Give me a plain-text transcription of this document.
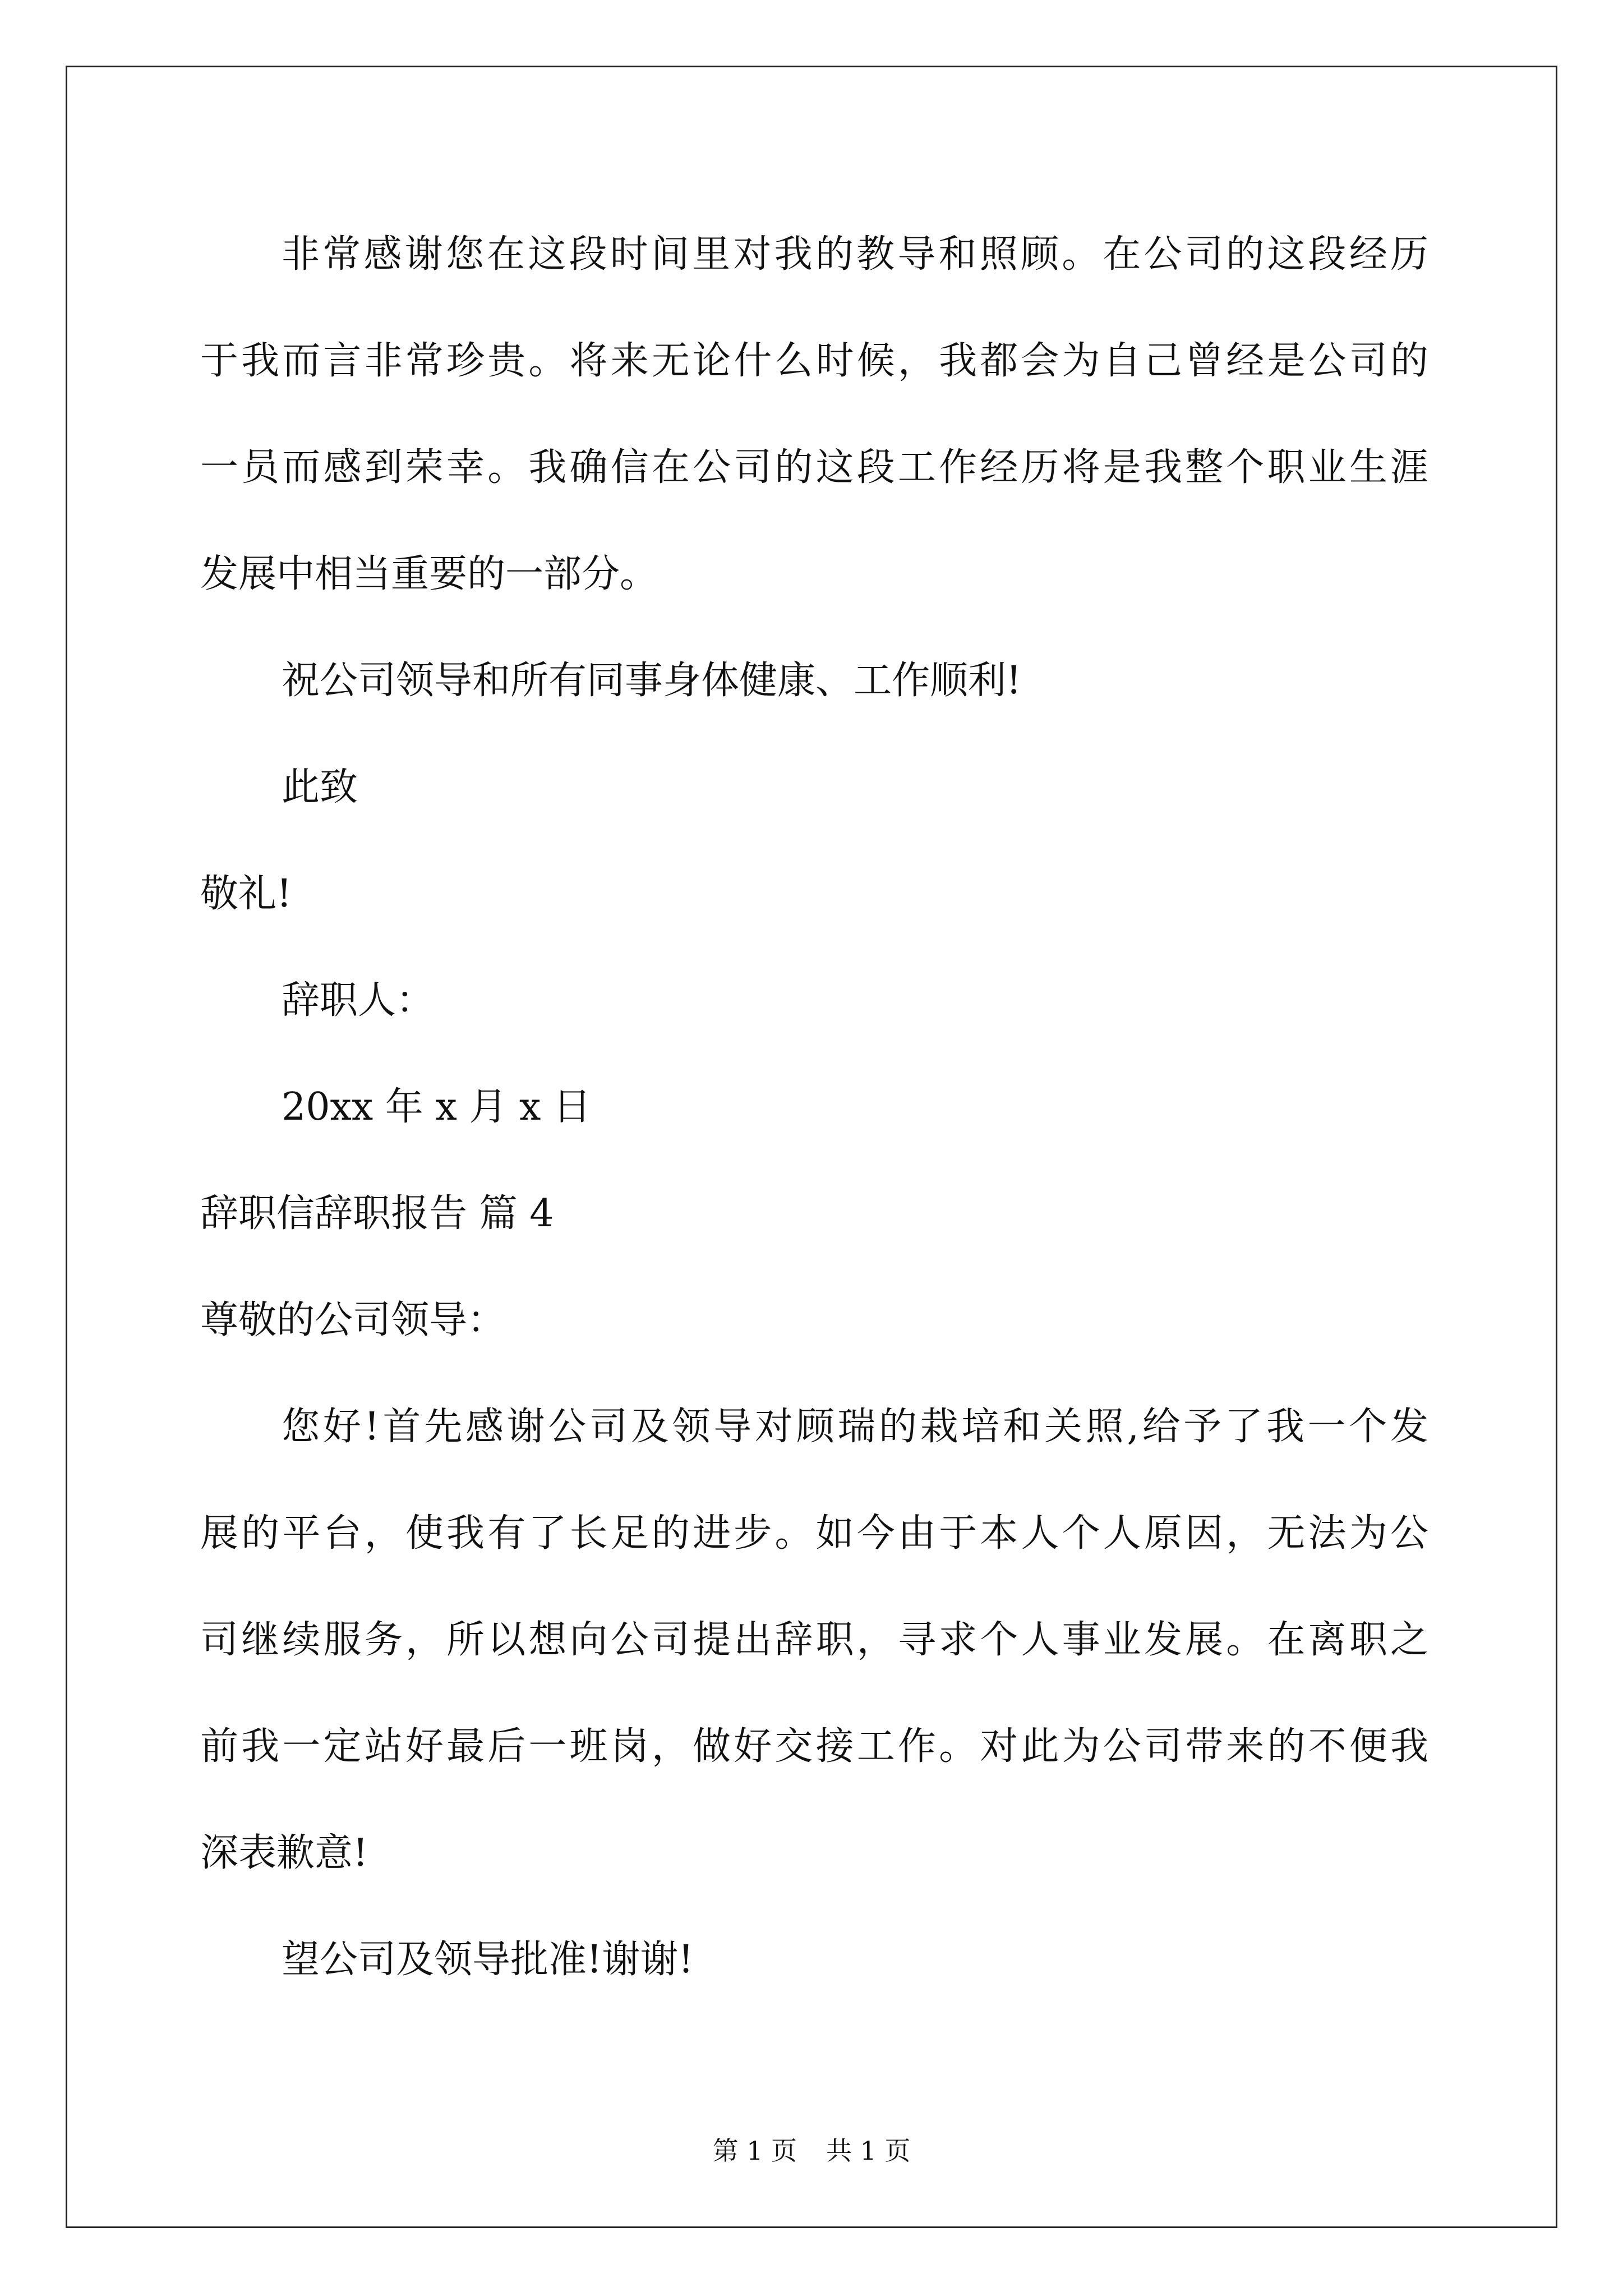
非常感谢您在这段时间里对我的教导和照顾。在公司的这段经历
于我而言非常珍贵。将来无论什么时候，我都会为自己曾经是公司的
一员而感到荣幸。我确信在公司的这段工作经历将是我整个职业生涯
发展中相当重要的一部分。
祝公司领导和所有同事身体健康、工作顺利!
此致
敬礼!
辞职人：
20xx 年 x 月 x 日
辞职信辞职报告 篇 4
尊敬的公司领导：
您好!首先感谢公司及领导对顾瑞的栽培和关照,给予了我一个发
展的平台，使我有了长足的进步。如今由于本人个人原因，无法为公
司继续服务，所以想向公司提出辞职，寻求个人事业发展。在离职之
前我一定站好最后一班岗，做好交接工作。对此为公司带来的不便我
深表歉意!
望公司及领导批准!谢谢!
第 1 页 共 1 页
